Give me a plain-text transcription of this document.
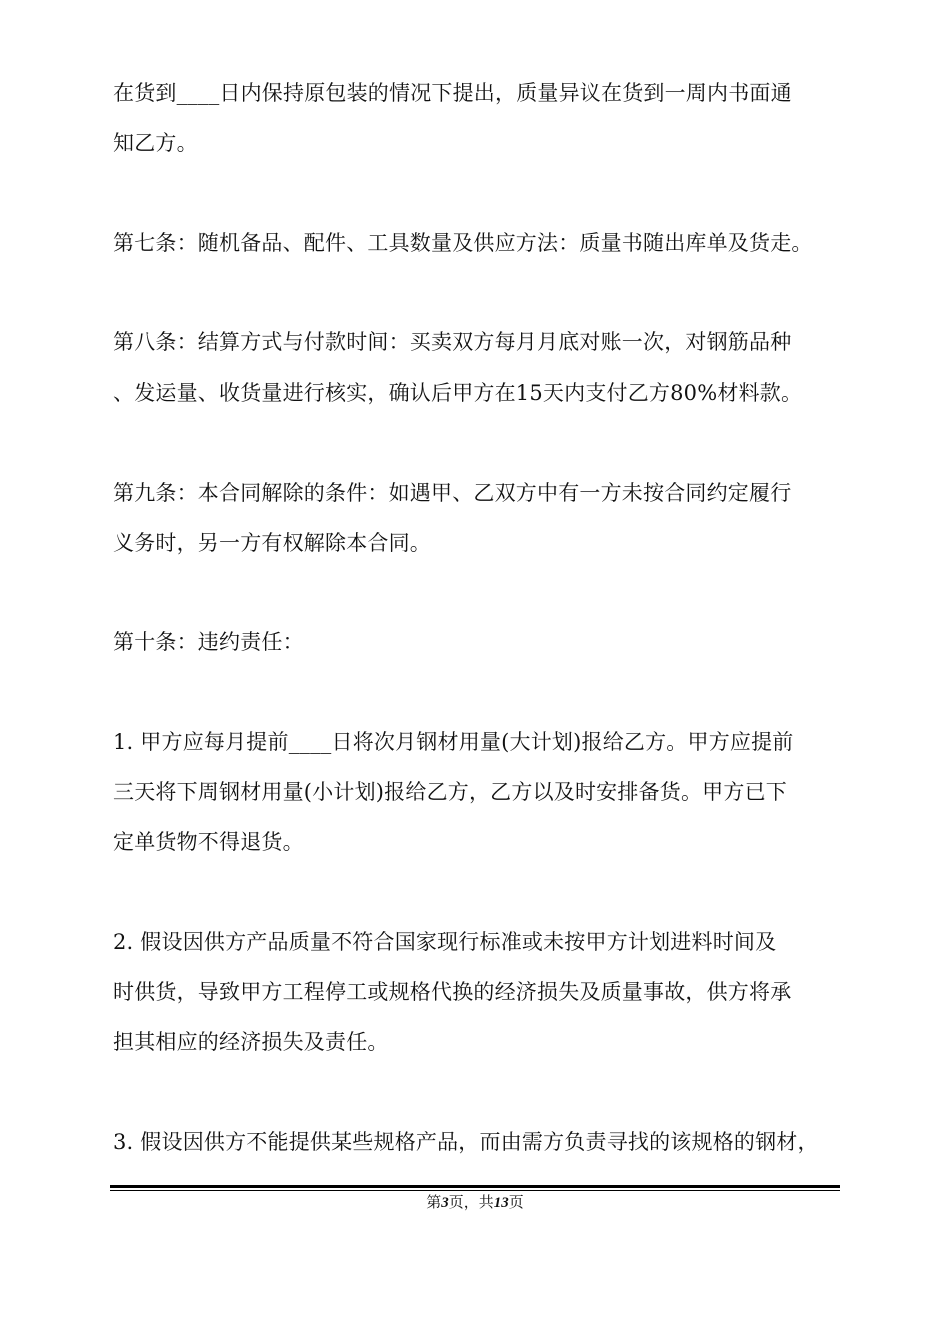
在货到____日内保持原包装的情况下提出，质量异议在货到一周内书面通
知乙方。
第七条：随机备品、配件、工具数量及供应方法：质量书随出库单及货走。
第八条：结算方式与付款时间：买卖双方每月月底对账一次，对钢筋品种
、发运量、收货量进行核实，确认后甲方在15天内支付乙方80%材料款。
第九条：本合同解除的条件：如遇甲、乙双方中有一方未按合同约定履行
义务时，另一方有权解除本合同。
第十条：违约责任：
1. 甲方应每月提前____日将次月钢材用量(大计划)报给乙方。甲方应提前
三天将下周钢材用量(小计划)报给乙方，乙方以及时安排备货。甲方已下
定单货物不得退货。
2. 假设因供方产品质量不符合国家现行标准或未按甲方计划进料时间及
时供货，导致甲方工程停工或规格代换的经济损失及质量事故，供方将承
担其相应的经济损失及责任。
3. 假设因供方不能提供某些规格产品，而由需方负责寻找的该规格的钢材，
第3页，共13页
